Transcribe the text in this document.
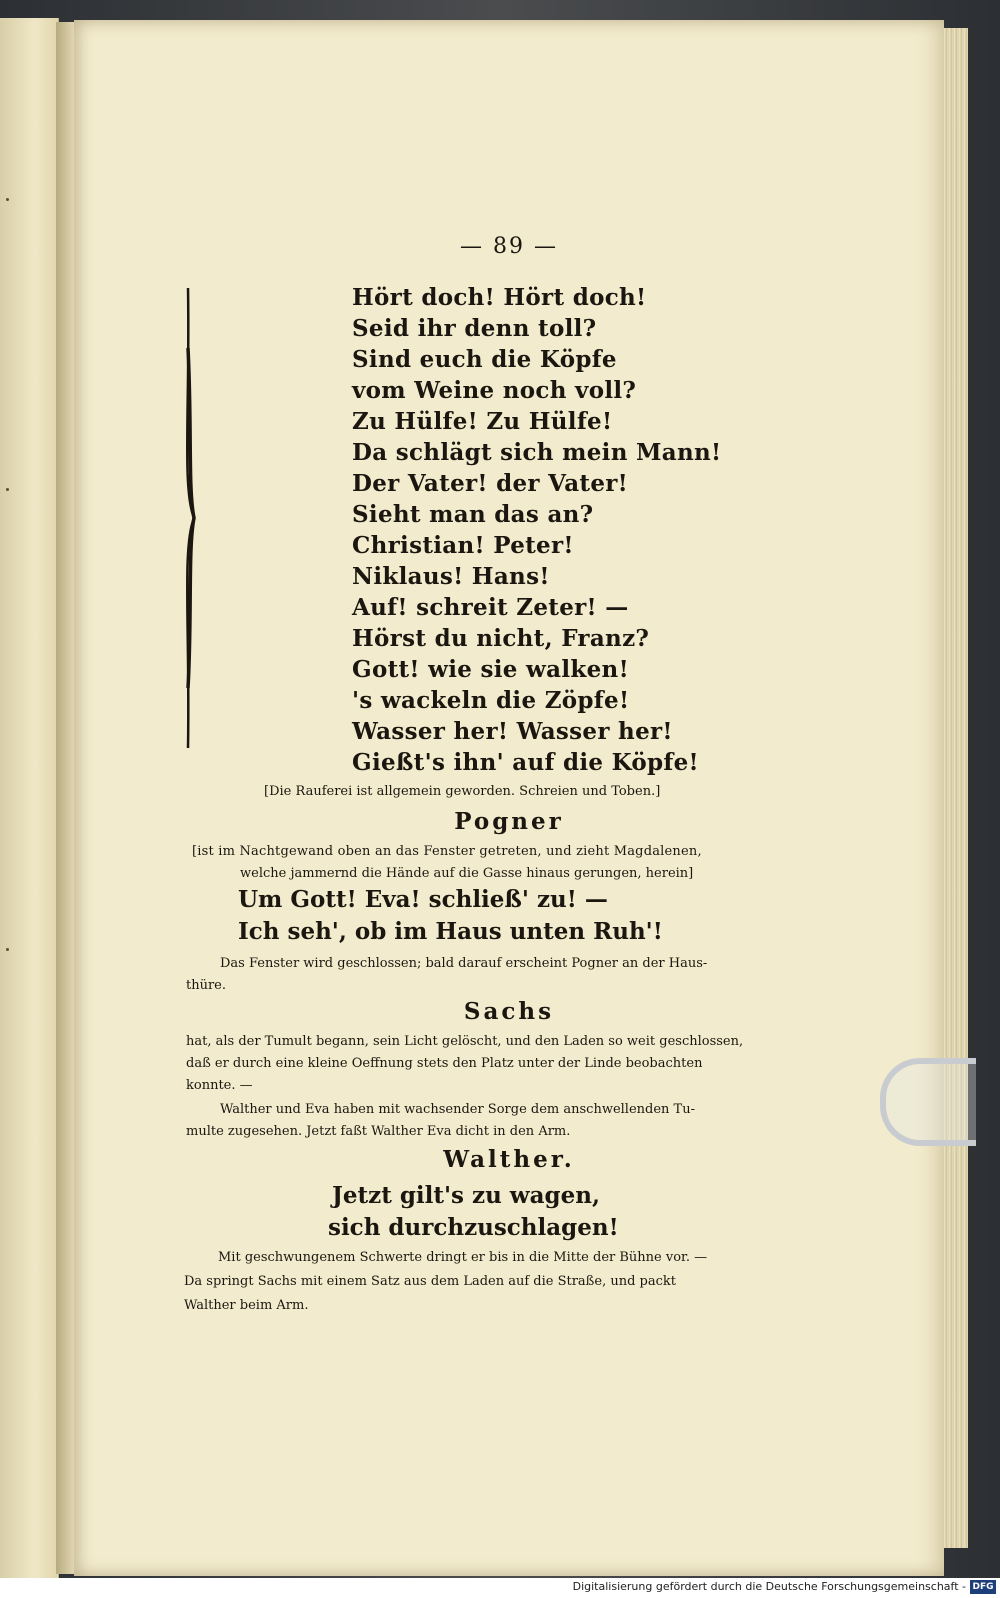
— 89 —
Hört doch! Hört doch!
Seid ihr denn toll?
Sind euch die Köpfe
vom Weine noch voll?
Zu Hülfe! Zu Hülfe!
Da schlägt sich mein Mann!
Der Vater! der Vater!
Sieht man das an?
Christian! Peter!
Niklaus! Hans!
Auf! schreit Zeter! —
Hörst du nicht, Franz?
Gott! wie sie walken!
's wackeln die Zöpfe!
Wasser her! Wasser her!
Gießt's ihn' auf die Köpfe!
[Die Rauferei ist allgemein geworden. Schreien und Toben.]
Pogner
[ist im Nachtgewand oben an das Fenster getreten, und zieht Magdalenen,
welche jammernd die Hände auf die Gasse hinaus gerungen, herein]
Um Gott! Eva! schließ' zu! —
Ich seh', ob im Haus unten Ruh'!
Das Fenster wird geschlossen; bald darauf erscheint Pogner an der Haus-
thüre.
Sachs
hat, als der Tumult begann, sein Licht gelöscht, und den Laden so weit geschlossen,
daß er durch eine kleine Oeffnung stets den Platz unter der Linde beobachten
konnte. —
Walther und Eva haben mit wachsender Sorge dem anschwellenden Tu-
multe zugesehen. Jetzt faßt Walther Eva dicht in den Arm.
Walther.
Jetzt gilt's zu wagen,
sich durchzuschlagen!
Mit geschwungenem Schwerte dringt er bis in die Mitte der Bühne vor. —
Da springt Sachs mit einem Satz aus dem Laden auf die Straße, und packt
Walther beim Arm.
Digitalisierung gefördert durch die Deutsche Forschungsgemeinschaft - DFG
